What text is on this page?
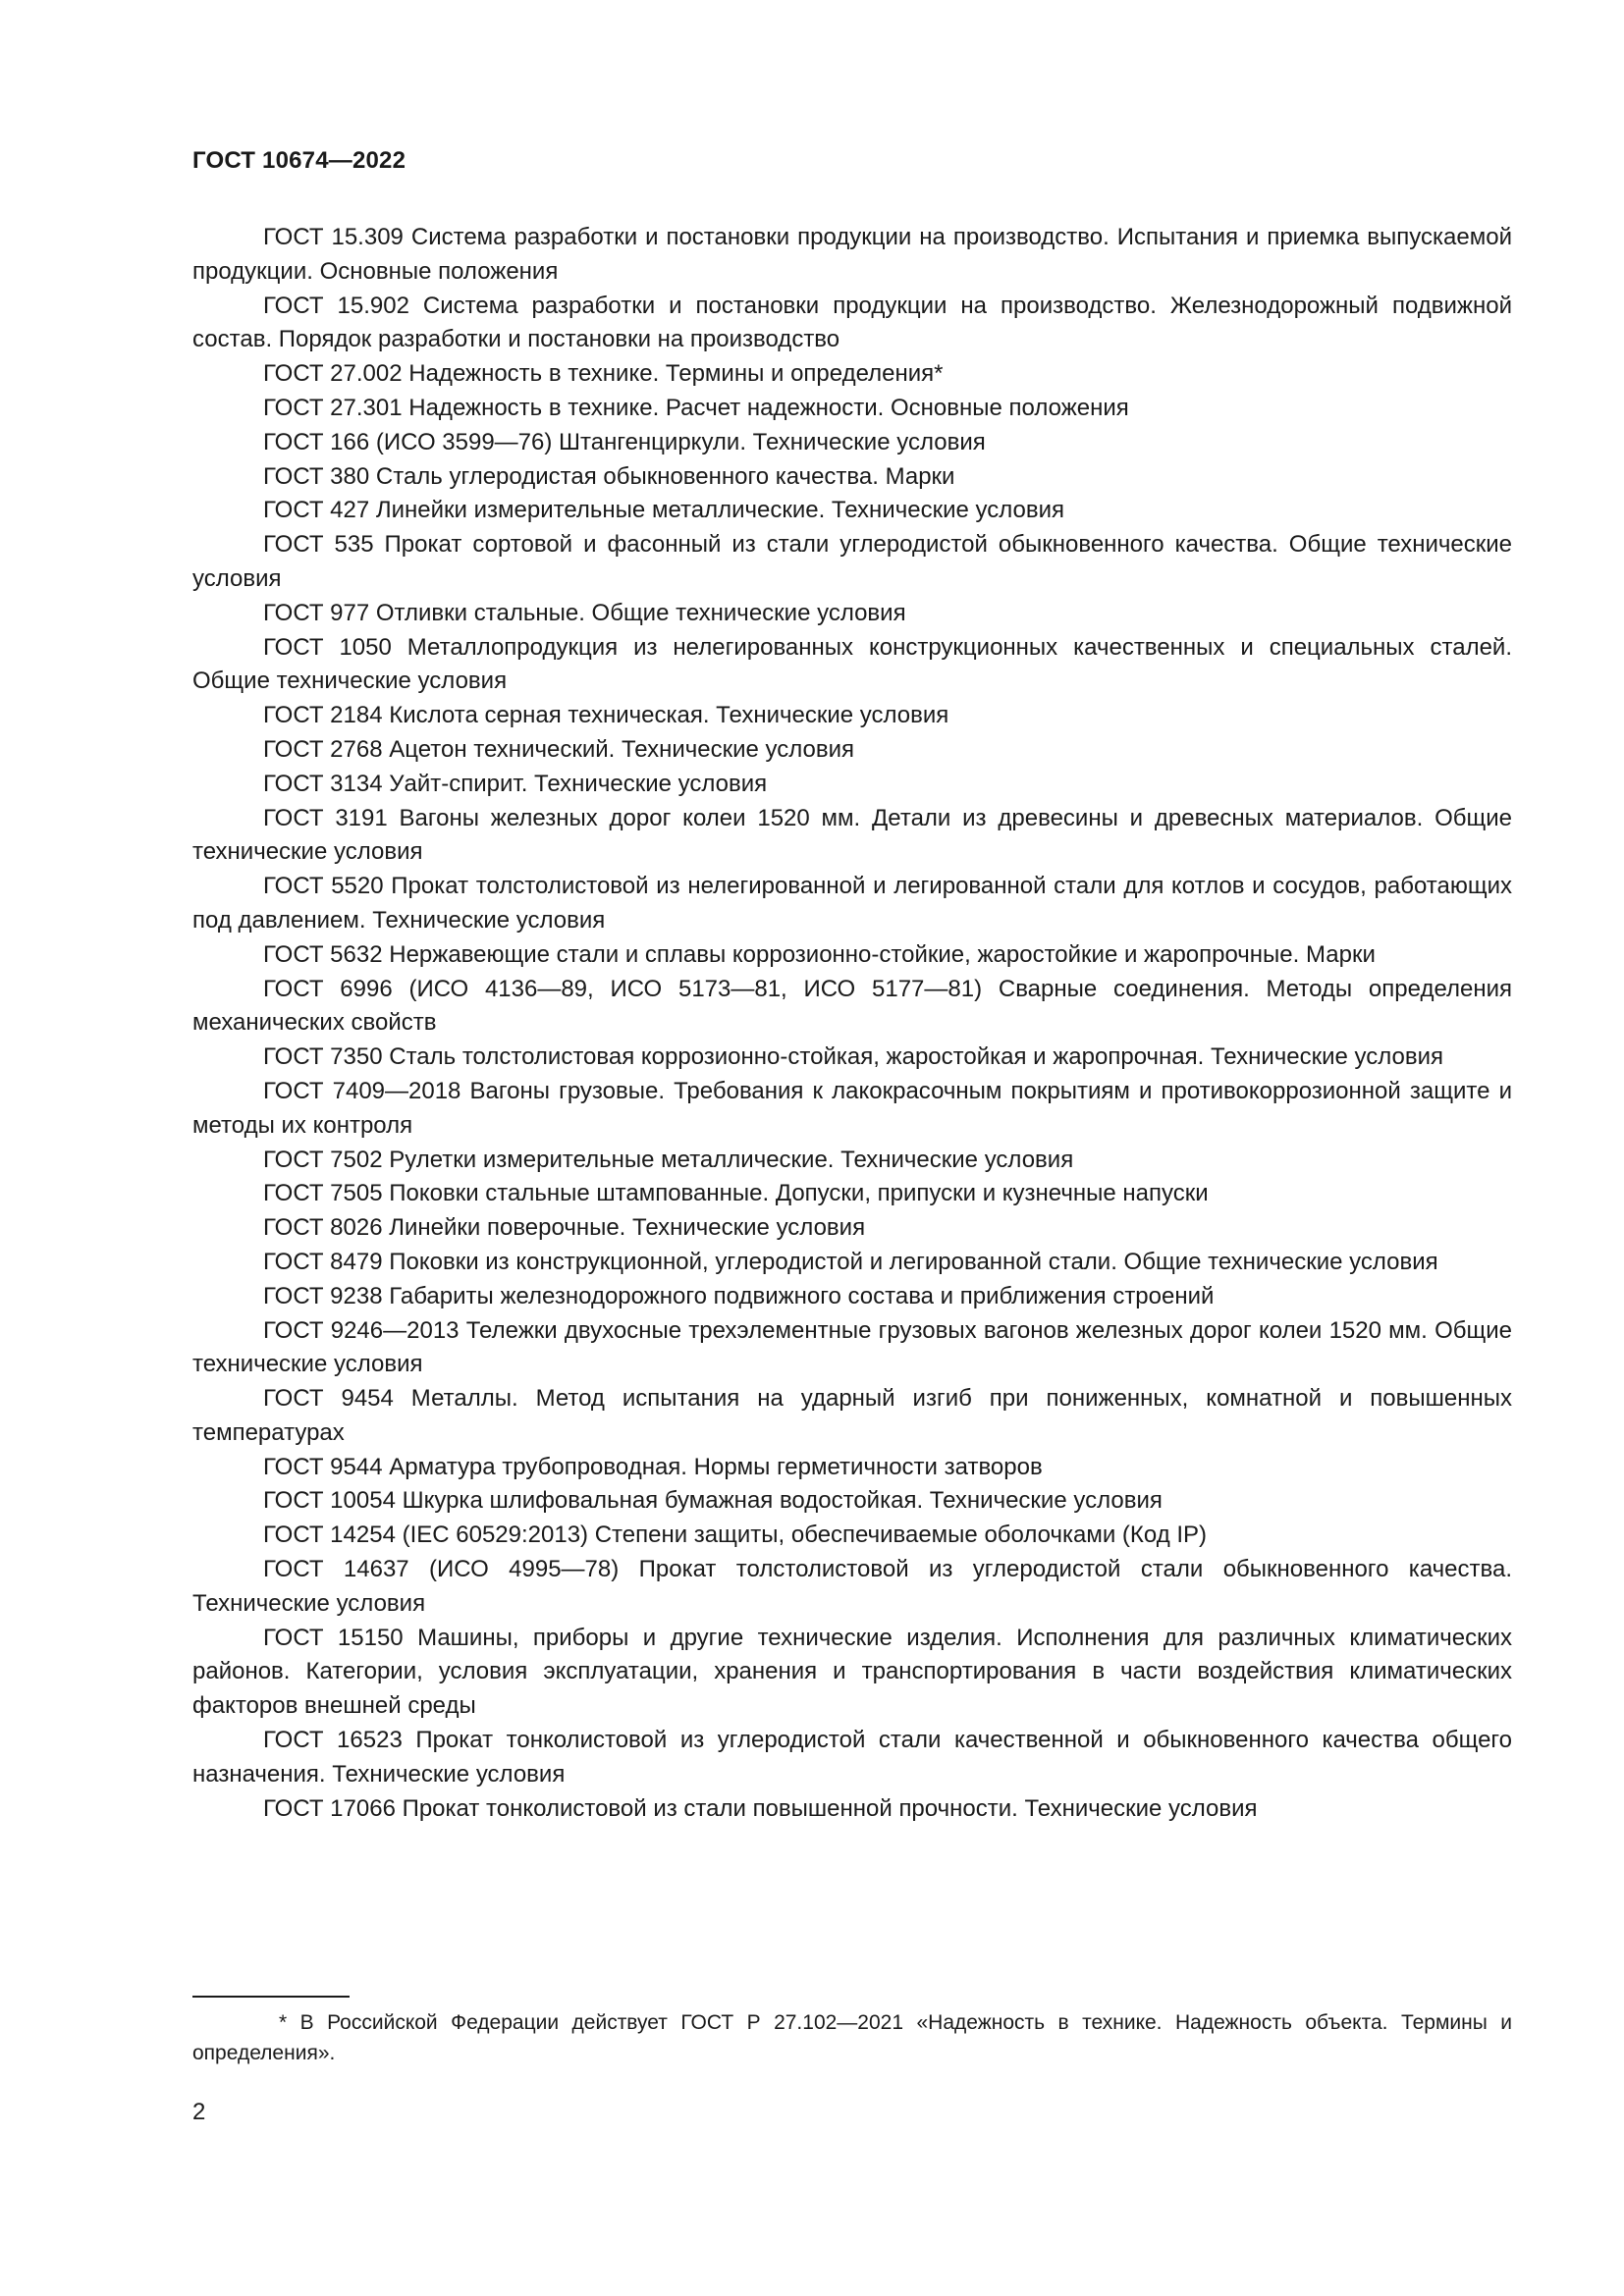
ГОСТ 10674—2022

ГОСТ 15.309 Система разработки и постановки продукции на производство. Испытания и приемка выпускаемой продукции. Основные положения

ГОСТ 15.902 Система разработки и постановки продукции на производство. Железнодорожный подвижной состав. Порядок разработки и постановки на производство

ГОСТ 27.002 Надежность в технике. Термины и определения*

ГОСТ 27.301 Надежность в технике. Расчет надежности. Основные положения

ГОСТ 166 (ИСО 3599—76) Штангенциркули. Технические условия

ГОСТ 380 Сталь углеродистая обыкновенного качества. Марки

ГОСТ 427 Линейки измерительные металлические. Технические условия

ГОСТ 535 Прокат сортовой и фасонный из стали углеродистой обыкновенного качества. Общие технические условия

ГОСТ 977 Отливки стальные. Общие технические условия

ГОСТ 1050 Металлопродукция из нелегированных конструкционных качественных и специальных сталей. Общие технические условия

ГОСТ 2184 Кислота серная техническая. Технические условия

ГОСТ 2768 Ацетон технический. Технические условия

ГОСТ 3134 Уайт-спирит. Технические условия

ГОСТ 3191 Вагоны железных дорог колеи 1520 мм. Детали из древесины и древесных материалов. Общие технические условия

ГОСТ 5520 Прокат толстолистовой из нелегированной и легированной стали для котлов и сосудов, работающих под давлением. Технические условия

ГОСТ 5632 Нержавеющие стали и сплавы коррозионно-стойкие, жаростойкие и жаропрочные. Марки

ГОСТ 6996 (ИСО 4136—89, ИСО 5173—81, ИСО 5177—81) Сварные соединения. Методы определения механических свойств

ГОСТ 7350 Сталь толстолистовая коррозионно-стойкая, жаростойкая и жаропрочная. Технические условия

ГОСТ 7409—2018 Вагоны грузовые. Требования к лакокрасочным покрытиям и противокоррозионной защите и методы их контроля

ГОСТ 7502 Рулетки измерительные металлические. Технические условия

ГОСТ 7505 Поковки стальные штампованные. Допуски, припуски и кузнечные напуски

ГОСТ 8026 Линейки поверочные. Технические условия

ГОСТ 8479 Поковки из конструкционной, углеродистой и легированной стали. Общие технические условия

ГОСТ 9238 Габариты железнодорожного подвижного состава и приближения строений

ГОСТ 9246—2013 Тележки двухосные трехэлементные грузовых вагонов железных дорог колеи 1520 мм. Общие технические условия

ГОСТ 9454 Металлы. Метод испытания на ударный изгиб при пониженных, комнатной и повышенных температурах

ГОСТ 9544 Арматура трубопроводная. Нормы герметичности затворов

ГОСТ 10054 Шкурка шлифовальная бумажная водостойкая. Технические условия

ГОСТ 14254 (IEC 60529:2013) Степени защиты, обеспечиваемые оболочками (Код IP)

ГОСТ 14637 (ИСО 4995—78) Прокат толстолистовой из углеродистой стали обыкновенного качества. Технические условия

ГОСТ 15150 Машины, приборы и другие технические изделия. Исполнения для различных климатических районов. Категории, условия эксплуатации, хранения и транспортирования в части воздействия климатических факторов внешней среды

ГОСТ 16523 Прокат тонколистовой из углеродистой стали качественной и обыкновенного качества общего назначения. Технические условия

ГОСТ 17066 Прокат тонколистовой из стали повышенной прочности. Технические условия

* В Российской Федерации действует ГОСТ Р 27.102—2021 «Надежность в технике. Надежность объекта. Термины и определения».

2
